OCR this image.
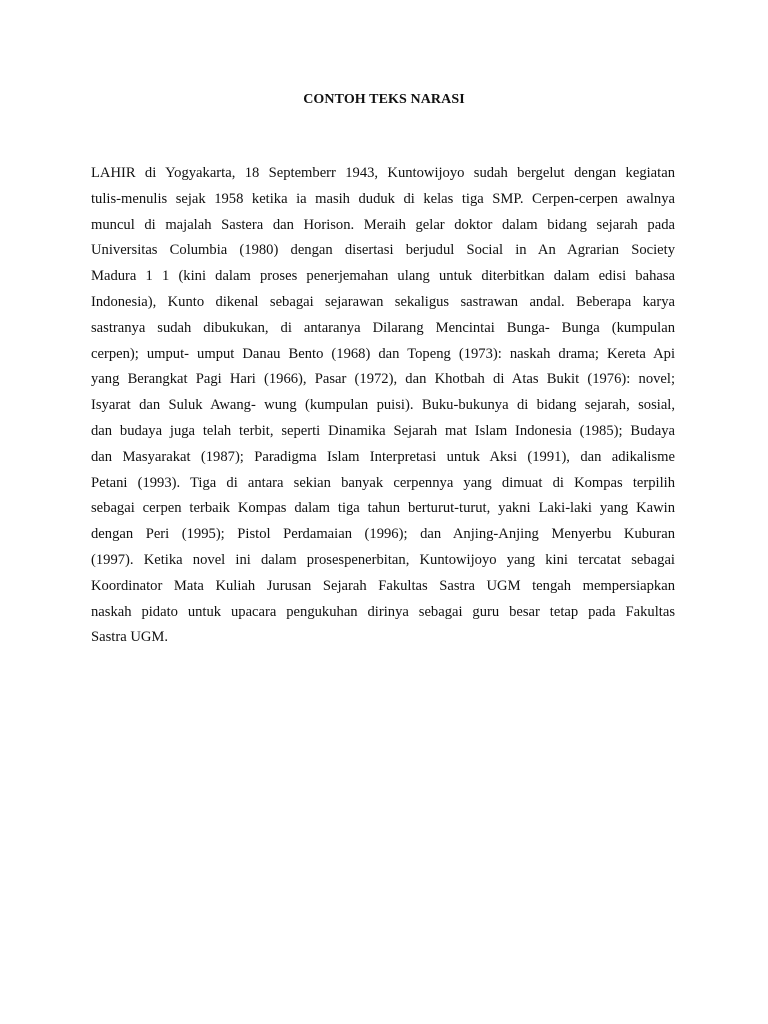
CONTOH TEKS NARASI
LAHIR di Yogyakarta, 18 Septemberr 1943, Kuntowijoyo sudah bergelut dengan kegiatan
tulis-menulis sejak 1958 ketika ia masih duduk di kelas tiga SMP. Cerpen-cerpen awalnya
muncul di majalah Sastera dan Horison. Meraih gelar doktor dalam bidang sejarah pada
Universitas Columbia (1980) dengan disertasi berjudul Social in An Agrarian Society
Madura 1 1 (kini dalam proses penerjemahan ulang untuk diterbitkan dalam edisi bahasa
Indonesia), Kunto dikenal sebagai sejarawan sekaligus sastrawan andal. Beberapa karya
sastranya sudah dibukukan, di antaranya Dilarang Mencintai Bunga- Bunga (kumpulan
cerpen); umput- umput Danau Bento (1968) dan Topeng (1973): naskah drama; Kereta Api
yang Berangkat Pagi Hari (1966), Pasar (1972), dan Khotbah di Atas Bukit (1976): novel;
Isyarat dan Suluk Awang- wung (kumpulan puisi). Buku-bukunya di bidang sejarah, sosial,
dan budaya juga telah terbit, seperti Dinamika Sejarah mat Islam Indonesia (1985); Budaya
dan Masyarakat (1987); Paradigma Islam Interpretasi untuk Aksi (1991), dan adikalisme
Petani (1993). Tiga di antara sekian banyak cerpennya yang dimuat di Kompas terpilih
sebagai cerpen terbaik Kompas dalam tiga tahun berturut-turut, yakni Laki-laki yang Kawin
dengan Peri (1995); Pistol Perdamaian (1996); dan Anjing-Anjing Menyerbu Kuburan
(1997). Ketika novel ini dalam prosespenerbitan, Kuntowijoyo yang kini tercatat sebagai
Koordinator Mata Kuliah Jurusan Sejarah Fakultas Sastra UGM tengah mempersiapkan
naskah pidato untuk upacara pengukuhan dirinya sebagai guru besar tetap pada Fakultas
Sastra UGM.
